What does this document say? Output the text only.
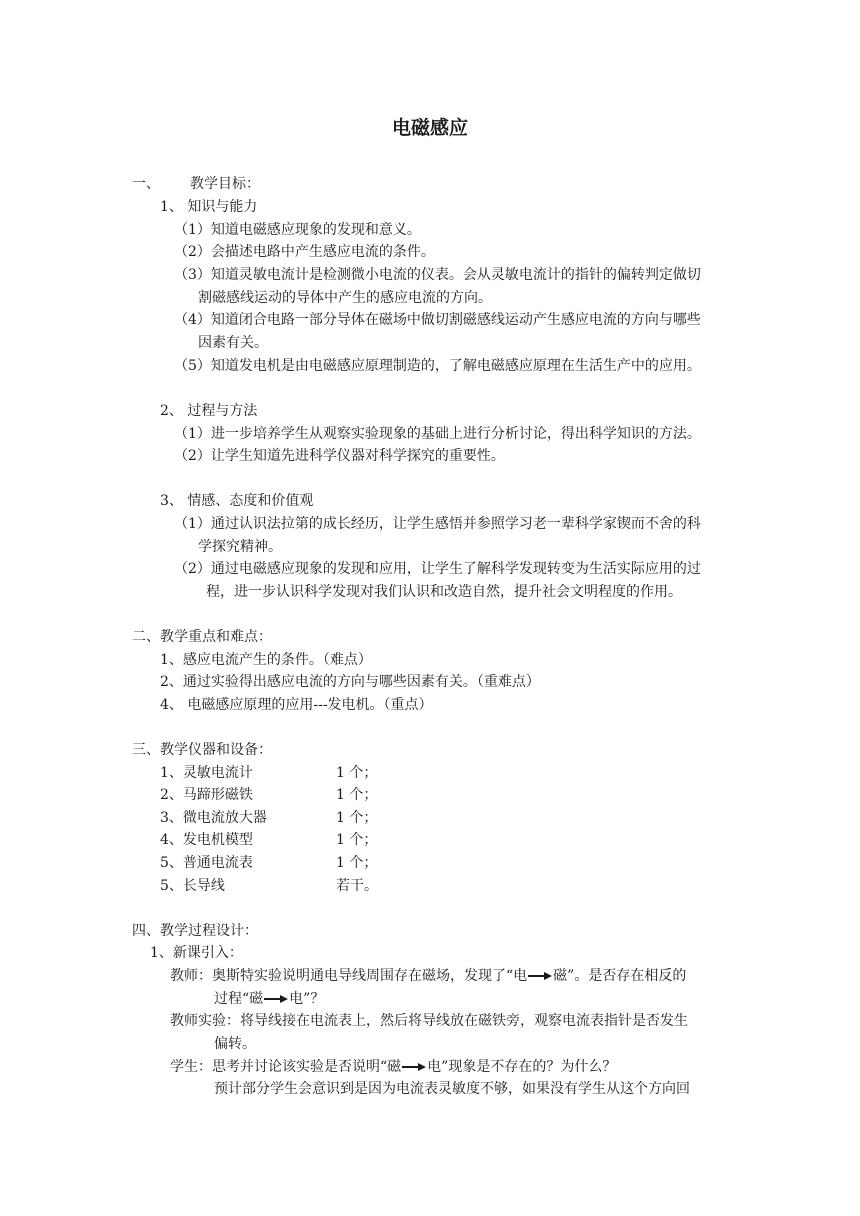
电磁感应
一、 教学目标：
1、 知识与能力
（1）知道电磁感应现象的发现和意义。
（2）会描述电路中产生感应电流的条件。
（3）知道灵敏电流计是检测微小电流的仪表。会从灵敏电流计的指针的偏转判定做切
割磁感线运动的导体中产生的感应电流的方向。
（4）知道闭合电路一部分导体在磁场中做切割磁感线运动产生感应电流的方向与哪些
因素有关。
（5）知道发电机是由电磁感应原理制造的，了解电磁感应原理在生活生产中的应用。
2、 过程与方法
（1）进一步培养学生从观察实验现象的基础上进行分析讨论，得出科学知识的方法。
（2）让学生知道先进科学仪器对科学探究的重要性。
3、 情感、态度和价值观
（1）通过认识法拉第的成长经历，让学生感悟并参照学习老一辈科学家锲而不舍的科
学探究精神。
（2）通过电磁感应现象的发现和应用，让学生了解科学发现转变为生活实际应用的过
程，进一步认识科学发现对我们认识和改造自然，提升社会文明程度的作用。
二、教学重点和难点：
1、感应电流产生的条件。（难点）
2、通过实验得出感应电流的方向与哪些因素有关。（重难点）
4、 电磁感应原理的应用---发电机。（重点）
三、教学仪器和设备：
1、灵敏电流计	1 个；
2、马蹄形磁铁	1 个；
3、微电流放大器	1 个；
4、发电机模型	1 个；
5、普通电流表	1 个；
5、长导线	若干。
四、教学过程设计：
1、新课引入：
教师：奥斯特实验说明通电导线周围存在磁场，发现了“电 磁”。是否存在相反的
过程“磁 电”？
教师实验：将导线接在电流表上，然后将导线放在磁铁旁，观察电流表指针是否发生
偏转。
学生：思考并讨论该实验是否说明“磁 电”现象是不存在的？为什么？
预计部分学生会意识到是因为电流表灵敏度不够，如果没有学生从这个方向回
